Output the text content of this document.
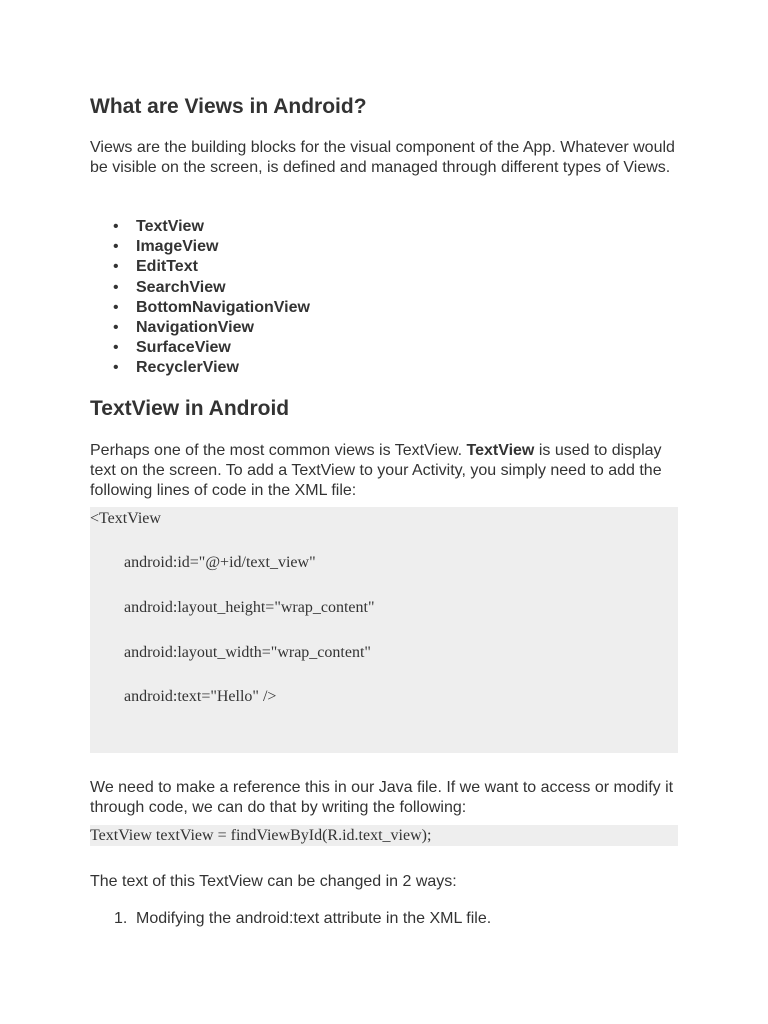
What are Views in Android?

Views are the building blocks for the visual component of the App. Whatever would be visible on the screen, is defined and managed through different types of Views.

• TextView
• ImageView
• EditText
• SearchView
• BottomNavigationView
• NavigationView
• SurfaceView
• RecyclerView
TextView in Android

Perhaps one of the most common views is TextView. TextView is used to display text on the screen. To add a TextView to your Activity, you simply need to add the following lines of code in the XML file:

<TextView
android:id="@+id/text_view"
android:layout_height="wrap_content"
android:layout_width="wrap_content"
android:text="Hello" />

We need to make a reference this in our Java file. If we want to access or modify it through code, we can do that by writing the following:

TextView textView = findViewById(R.id.text_view);

The text of this TextView can be changed in 2 ways:

1. Modifying the android:text attribute in the XML file.
